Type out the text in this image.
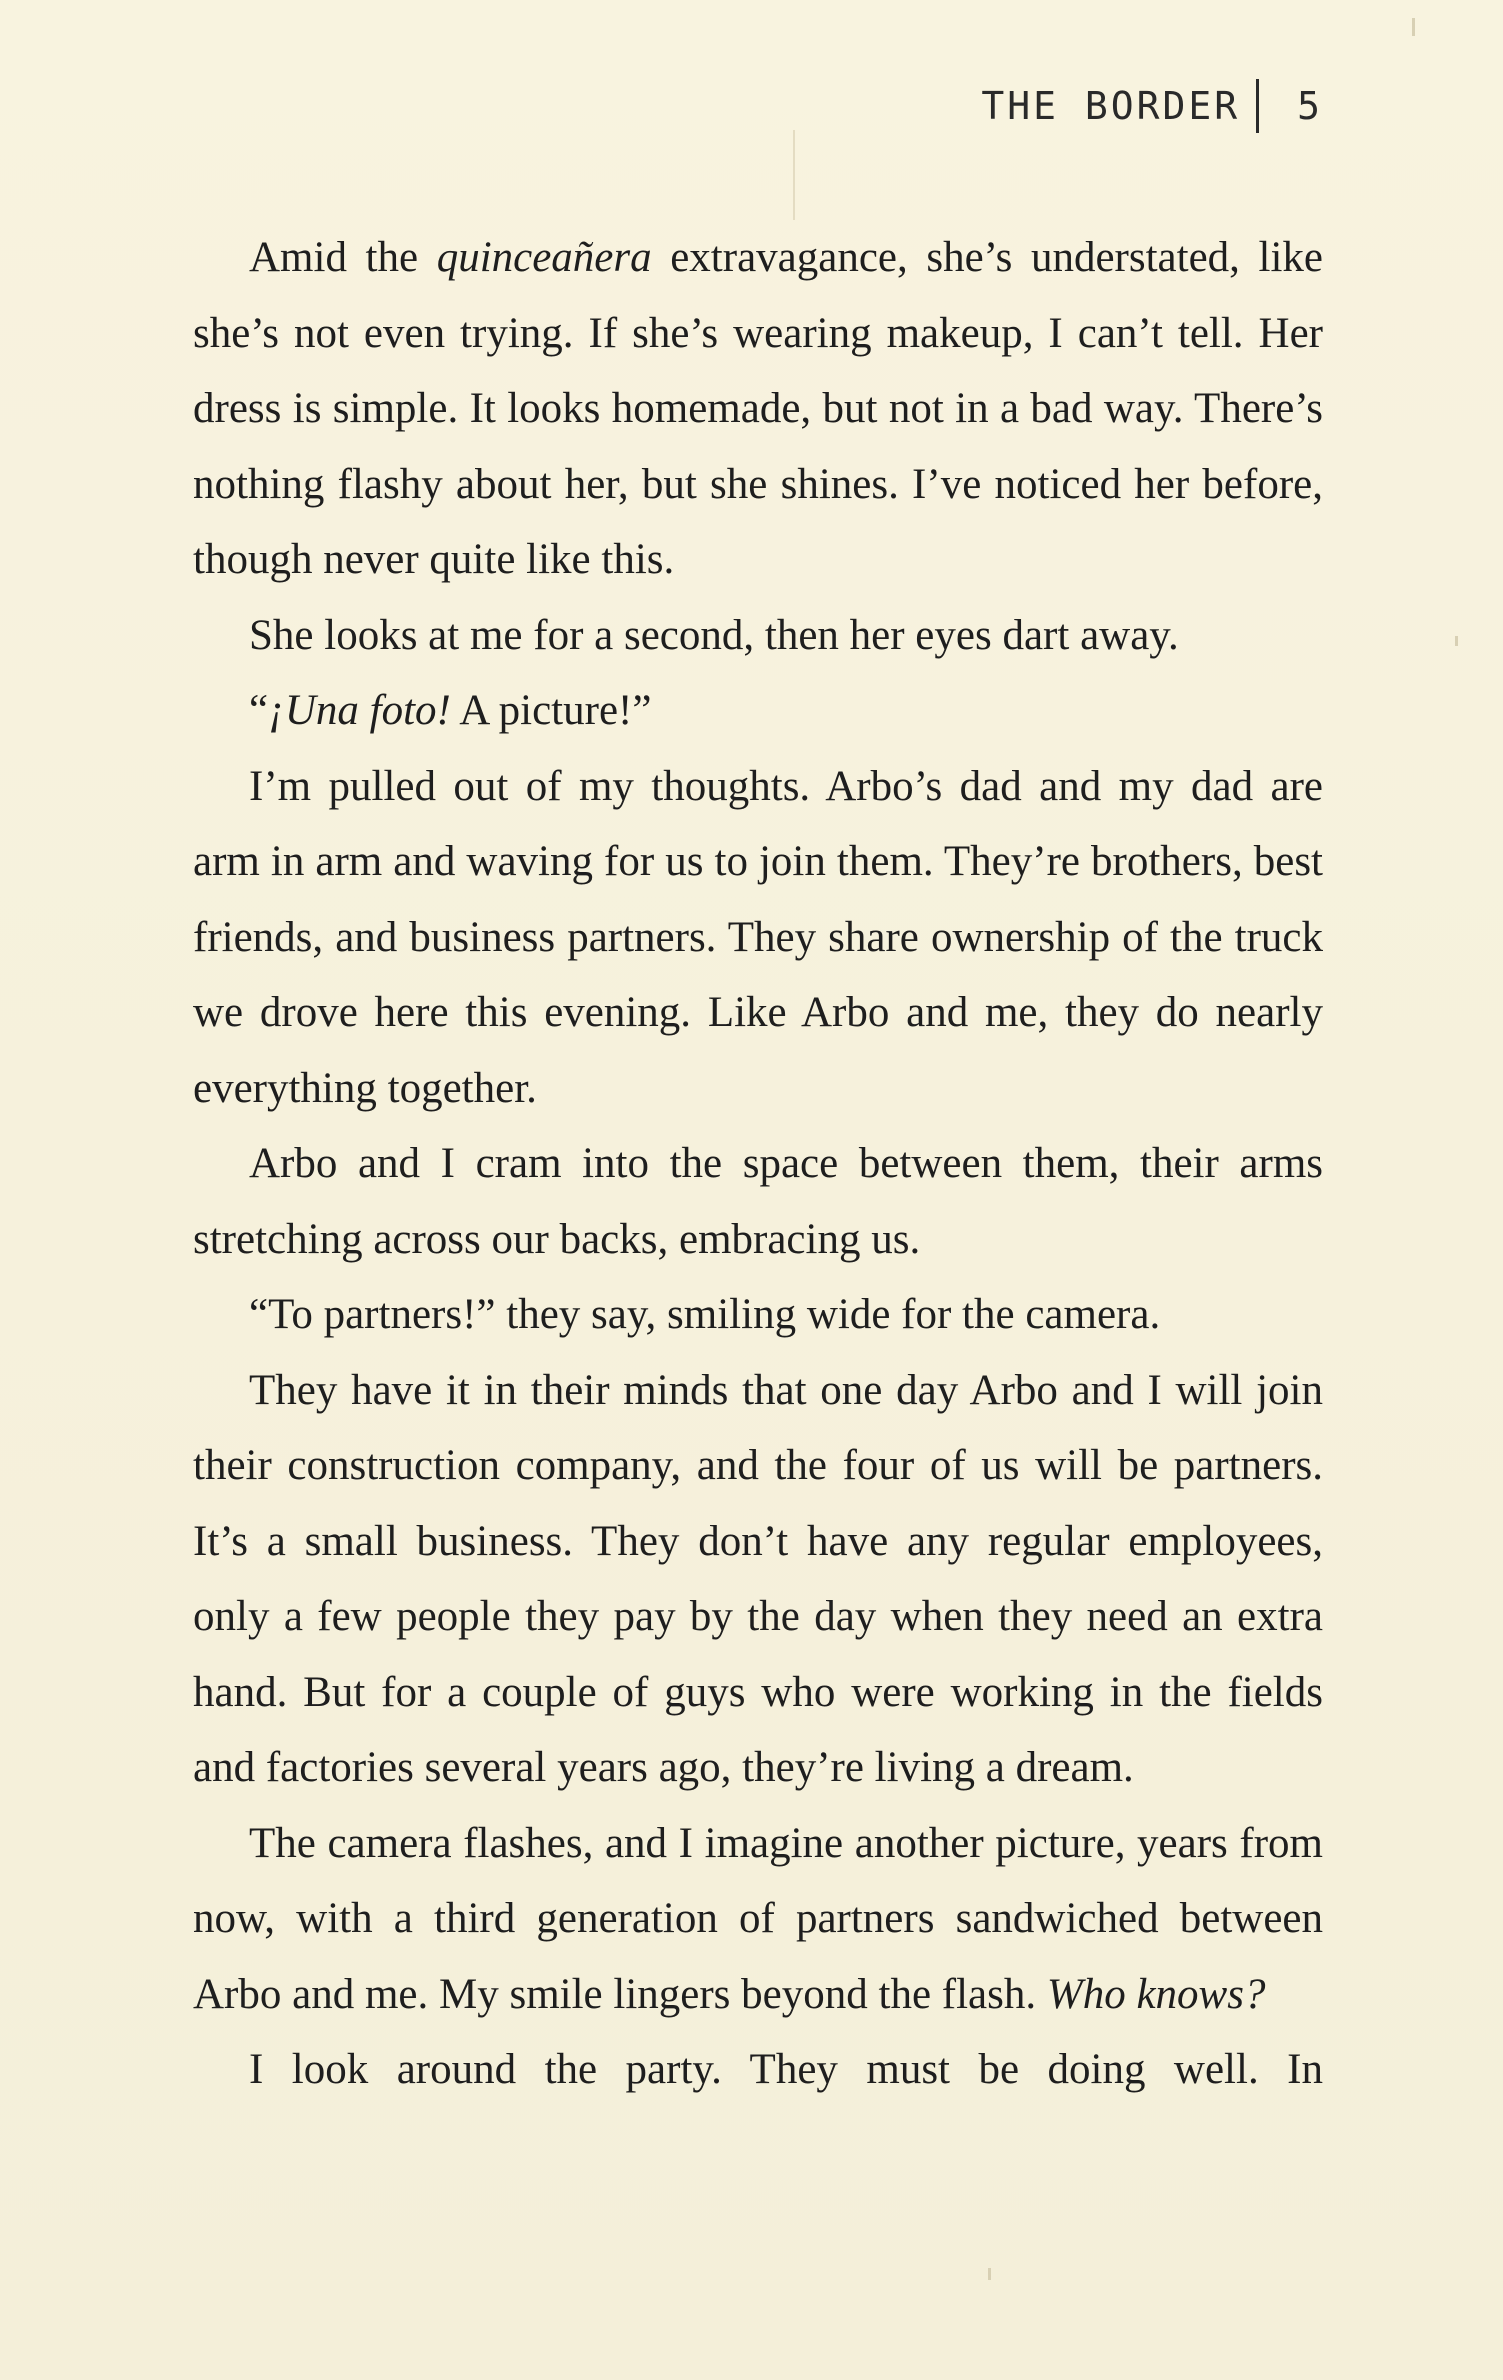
THE BORDER 5

Amid the quinceañera extravagance, she’s understated, like she’s not even trying. If she’s wearing makeup, I can’t tell. Her dress is simple. It looks homemade, but not in a bad way. There’s nothing flashy about her, but she shines. I’ve noticed her before, though never quite like this.

She looks at me for a second, then her eyes dart away.

“¡Una foto! A picture!”

I’m pulled out of my thoughts. Arbo’s dad and my dad are arm in arm and waving for us to join them. They’re brothers, best friends, and business partners. They share ownership of the truck we drove here this evening. Like Arbo and me, they do nearly everything together.

Arbo and I cram into the space between them, their arms stretching across our backs, embracing us.

“To partners!” they say, smiling wide for the camera.

They have it in their minds that one day Arbo and I will join their construction company, and the four of us will be partners. It’s a small business. They don’t have any regular employees, only a few people they pay by the day when they need an extra hand. But for a couple of guys who were working in the fields and factories several years ago, they’re living a dream.

The camera flashes, and I imagine another picture, years from now, with a third generation of partners sandwiched between Arbo and me. My smile lingers beyond the flash. Who knows?

I look around the party. They must be doing well. In
